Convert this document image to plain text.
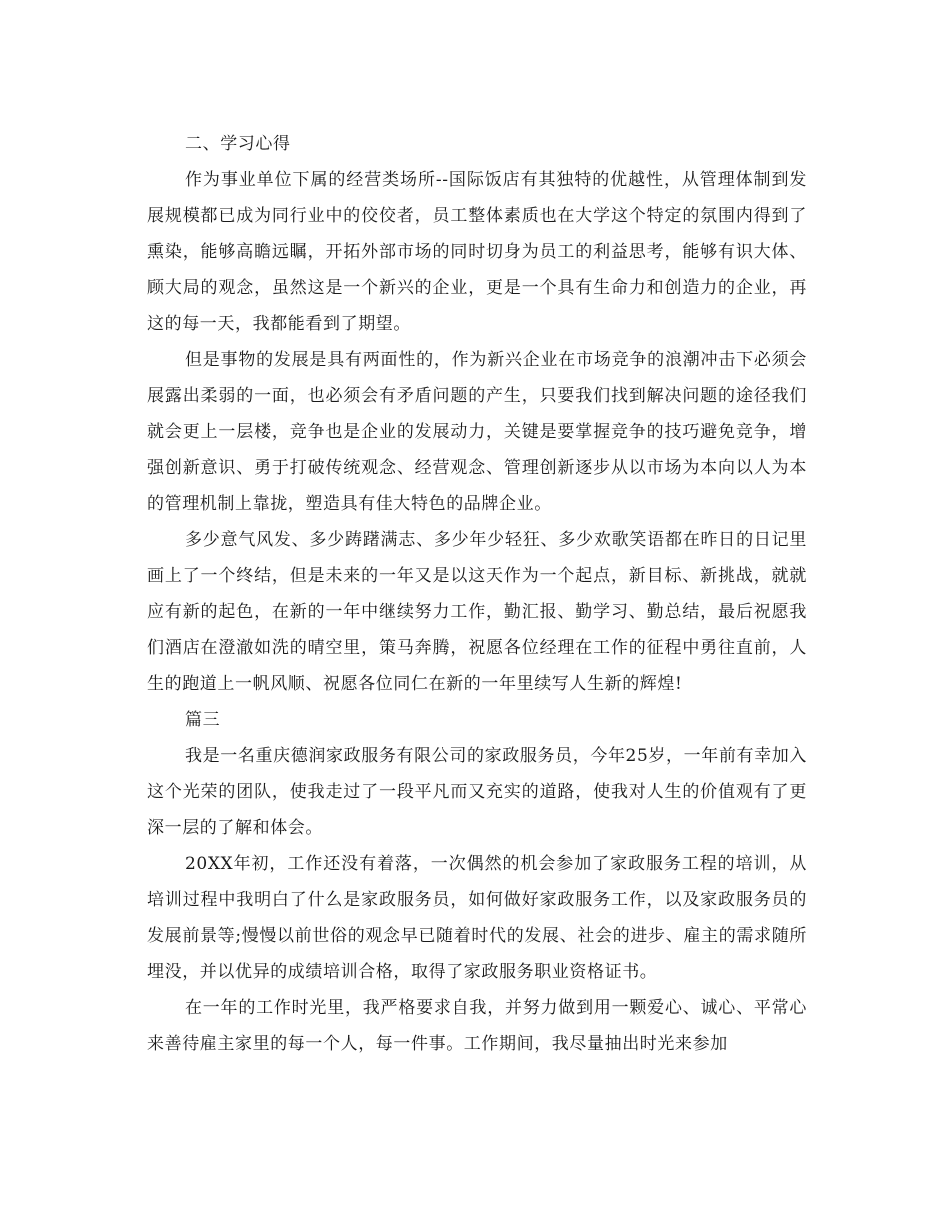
二、学习心得

作为事业单位下属的经营类场所--国际饭店有其独特的优越性，从管理体制到发展规模都已成为同行业中的佼佼者，员工整体素质也在大学这个特定的氛围内得到了熏染，能够高瞻远瞩，开拓外部市场的同时切身为员工的利益思考，能够有识大体、顾大局的观念，虽然这是一个新兴的企业，更是一个具有生命力和创造力的企业，再这的每一天，我都能看到了期望。

但是事物的发展是具有两面性的，作为新兴企业在市场竞争的浪潮冲击下必须会展露出柔弱的一面，也必须会有矛盾问题的产生，只要我们找到解决问题的途径我们就会更上一层楼，竞争也是企业的发展动力，关键是要掌握竞争的技巧避免竞争，增强创新意识、勇于打破传统观念、经营观念、管理创新逐步从以市场为本向以人为本的管理机制上靠拢，塑造具有佳大特色的品牌企业。

多少意气风发、多少踌躇满志、多少年少轻狂、多少欢歌笑语都在昨日的日记里画上了一个终结，但是未来的一年又是以这天作为一个起点，新目标、新挑战，就就应有新的起色，在新的一年中继续努力工作，勤汇报、勤学习、勤总结，最后祝愿我们酒店在澄澈如洗的晴空里，策马奔腾，祝愿各位经理在工作的征程中勇往直前，人生的跑道上一帆风顺、祝愿各位同仁在新的一年里续写人生新的辉煌!

篇三

我是一名重庆德润家政服务有限公司的家政服务员，今年25岁，一年前有幸加入这个光荣的团队，使我走过了一段平凡而又充实的道路，使我对人生的价值观有了更深一层的了解和体会。

20XX年初，工作还没有着落，一次偶然的机会参加了家政服务工程的培训，从培训过程中我明白了什么是家政服务员，如何做好家政服务工作，以及家政服务员的发展前景等;慢慢以前世俗的观念早已随着时代的发展、社会的进步、雇主的需求随所埋没，并以优异的成绩培训合格，取得了家政服务职业资格证书。

在一年的工作时光里，我严格要求自我，并努力做到用一颗爱心、诚心、平常心来善待雇主家里的每一个人，每一件事。工作期间，我尽量抽出时光来参加
